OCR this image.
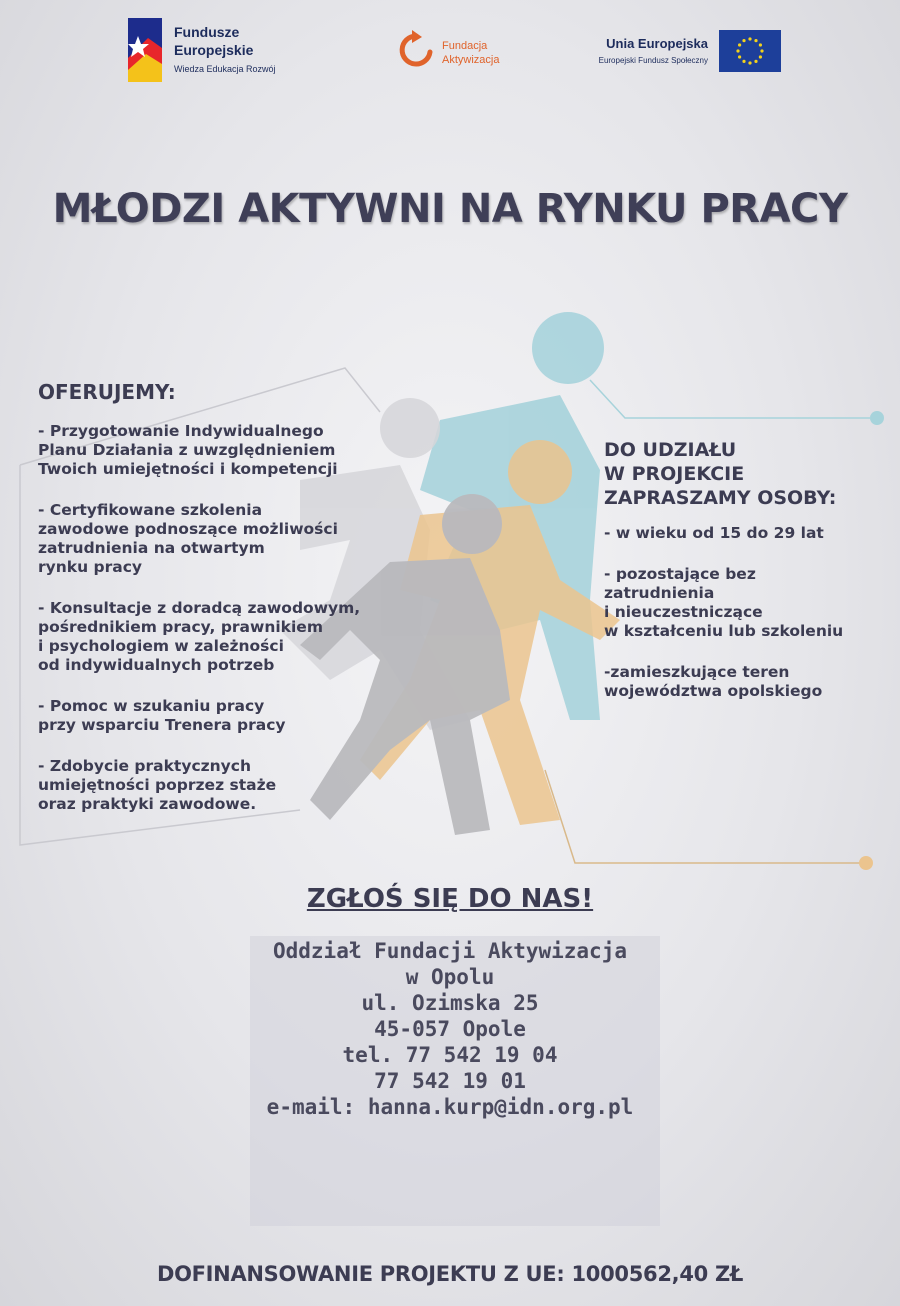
Fundusze
Europejskie
Wiedza Edukacja Rozwój
Fundacja
Aktywizacja
Unia Europejska
Europejski Fundusz Społeczny
MŁODZI AKTYWNI NA RYNKU PRACY
OFERUJEMY:
- Przygotowanie Indywidualnego
Planu Działania z uwzględnieniem
Twoich umiejętności i kompetencji
- Certyfikowane szkolenia
zawodowe podnoszące możliwości
zatrudnienia na otwartym
rynku pracy
- Konsultacje z doradcą zawodowym,
pośrednikiem pracy, prawnikiem
i psychologiem w zależności
od indywidualnych potrzeb
- Pomoc w szukaniu pracy
przy wsparciu Trenera pracy
- Zdobycie praktycznych
umiejętności poprzez staże
oraz praktyki zawodowe.
DO UDZIAŁU
W PROJEKCIE
ZAPRASZAMY OSOBY:
- w wieku od 15 do 29 lat
- pozostające bez
zatrudnienia
i nieuczestniczące
w kształceniu lub szkoleniu
-zamieszkujące teren
województwa opolskiego
ZGŁOŚ SIĘ DO NAS!
Oddział Fundacji Aktywizacja
w Opolu
ul. Ozimska 25
45-057 Opole
tel. 77 542 19 04
77 542 19 01
e-mail: hanna.kurp@idn.org.pl
DOFINANSOWANIE PROJEKTU Z UE: 1000562,40 ZŁ
